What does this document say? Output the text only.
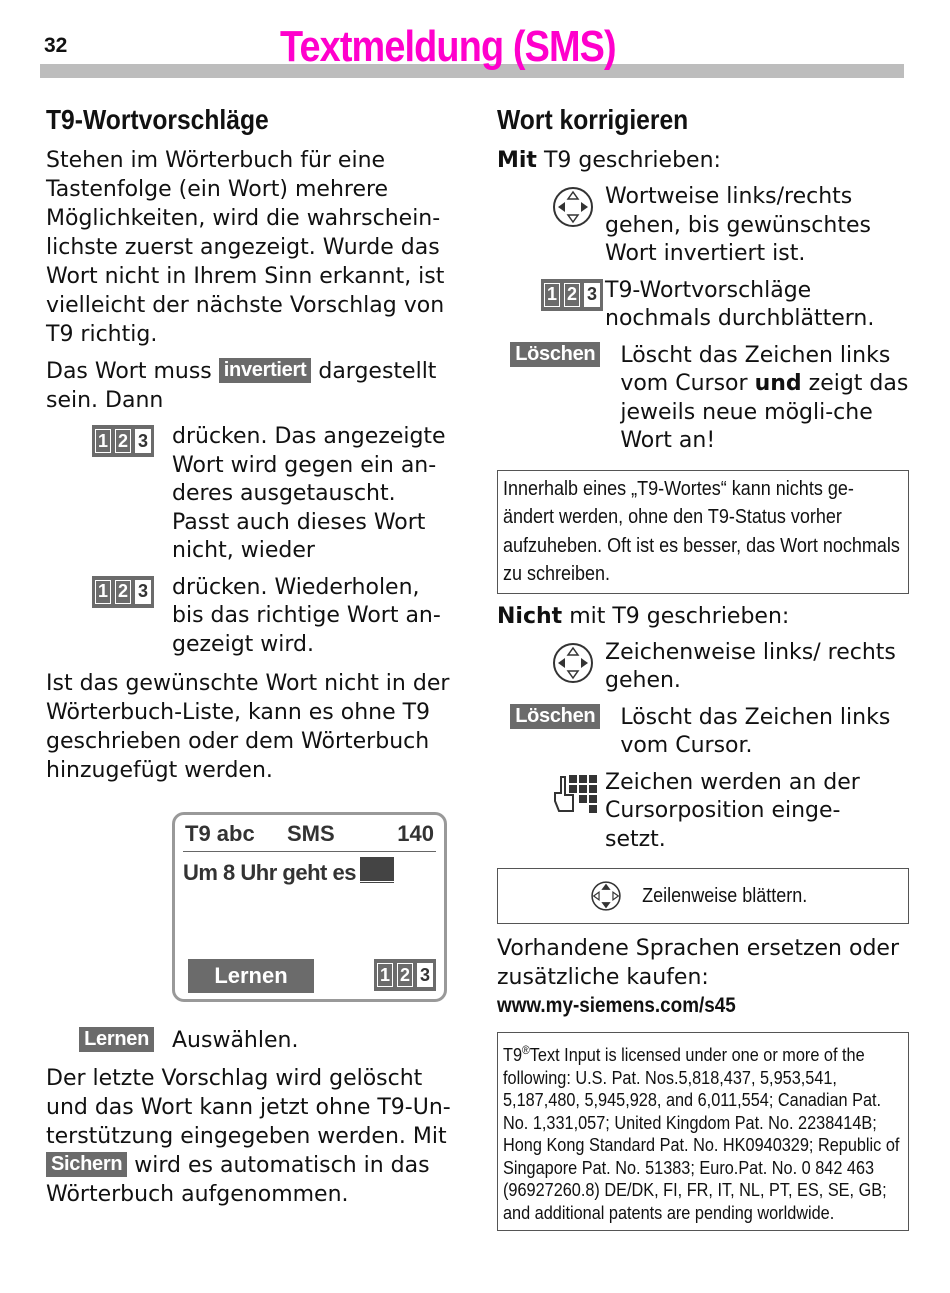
32	Textmeldung (SMS)
T9-Wortvorschläge

Stehen im Wörterbuch für eine Tastenfolge (ein Wort) mehrere Möglichkeiten, wird die wahrschein-lichste zuerst angezeigt. Wurde das Wort nicht in Ihrem Sinn erkannt, ist vielleicht der nächste Vorschlag von T9 richtig.

Das Wort muss invertiert dargestellt sein. Dann

1 2 3 drücken. Das angezeigte Wort wird gegen ein an-deres ausgetauscht. Passt auch dieses Wort nicht, wieder
1 2 3 drücken. Wiederholen, bis das richtige Wort an-gezeigt wird.

Ist das gewünschte Wort nicht in der Wörterbuch-Liste, kann es ohne T9 geschrieben oder dem Wörterbuch hinzugefügt werden.

T9 abc SMS	140
Um 8 Uhr geht es
Lernen	1 2 3
Lernen Auswählen.

Der letzte Vorschlag wird gelöscht und das Wort kann jetzt ohne T9-Un-terstützung eingegeben werden. Mit Sichern wird es automatisch in das Wörterbuch aufgenommen.

Wort korrigieren

Mit T9 geschrieben:

Wortweise links/rechts gehen, bis gewünschtes Wort invertiert ist.
1 2 3 T9-Wortvorschläge nochmals durchblättern.
Löschen	Löscht das Zeichen links vom Cursor und zeigt das jeweils neue mögli-che Wort an!
Innerhalb eines „T9-Wortes“ kann nichts ge-ändert werden, ohne den T9-Status vorher aufzuheben. Oft ist es besser, das Wort nochmals zu schreiben.

Nicht mit T9 geschrieben:

Zeichenweise links/ rechts gehen.
Löschen	Löscht das Zeichen links vom Cursor.
Zeichen werden an der Cursorposition einge-setzt.
Zeilenweise blättern.

Vorhandene Sprachen ersetzen oder zusätzliche kaufen:

www.my-siemens.com/s45

T9®Text Input is licensed under one or more of the following: U.S. Pat. Nos.5,818,437, 5,953,541, 5,187,480, 5,945,928, and 6,011,554; Canadian Pat. No. 1,331,057; United Kingdom Pat. No. 2238414B; Hong Kong Standard Pat. No. HK0940329; Republic of Singapore Pat. No. 51383; Euro.Pat. No. 0 842 463 (96927260.8) DE/DK, FI, FR, IT, NL, PT, ES, SE, GB; and additional patents are pending worldwide.
